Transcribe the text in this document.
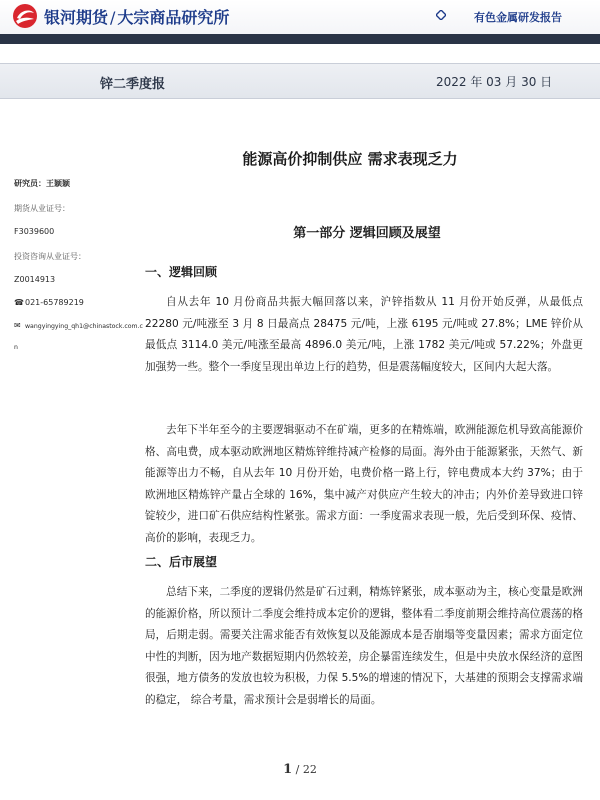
银河期货 / 大宗商品研究所	有色金属研发报告
锌二季度报	2022 年 03 月 30 日
能源高价抑制供应 需求表现乏力
研究员：王颖颖
期货从业证号：
F3039600
投资咨询从业证号：
Z0014913
☎021-65789219
✉ wangyingying_qh1@chinastock.com.c
n
第一部分 逻辑回顾及展望
一、逻辑回顾
自从去年 10 月份商品共振大幅回落以来，沪锌指数从 11 月份开始反弹，从最低点 22280 元/吨涨至 3 月 8 日最高点 28475 元/吨，上涨 6195 元/吨或 27.8%；LME 锌价从最低点 3114.0 美元/吨涨至最高 4896.0 美元/吨，上涨 1782 美元/吨或 57.22%；外盘更加强势一些。整个一季度呈现出单边上行的趋势，但是震荡幅度较大，区间内大起大落。
去年下半年至今的主要逻辑驱动不在矿端，更多的在精炼端，欧洲能源危机导致高能源价格、高电费，成本驱动欧洲地区精炼锌维持减产检修的局面。海外由于能源紧张，天然气、新能源等出力不畅，自从去年 10 月份开始，电费价格一路上行，锌电费成本大约 37%；由于欧洲地区精炼锌产量占全球的 16%，集中减产对供应产生较大的冲击；内外价差导致进口锌锭较少，进口矿石供应结构性紧张。需求方面：一季度需求表现一般，先后受到环保、疫情、高价的影响，表现乏力。
二、后市展望
总结下来，二季度的逻辑仍然是矿石过剩，精炼锌紧张，成本驱动为主，核心变量是欧洲的能源价格，所以预计二季度会维持成本定价的逻辑，整体看二季度前期会维持高位震荡的格局，后期走弱。需要关注需求能否有效恢复以及能源成本是否崩塌等变量因素；需求方面定位中性的判断，因为地产数据短期内仍然较差，房企暴雷连续发生，但是中央放水保经济的意图很强，地方债务的发放也较为积极，力保 5.5%的增速的情况下，大基建的预期会支撑需求端的稳定， 综合考量，需求预计会是弱增长的局面。
1 / 22
